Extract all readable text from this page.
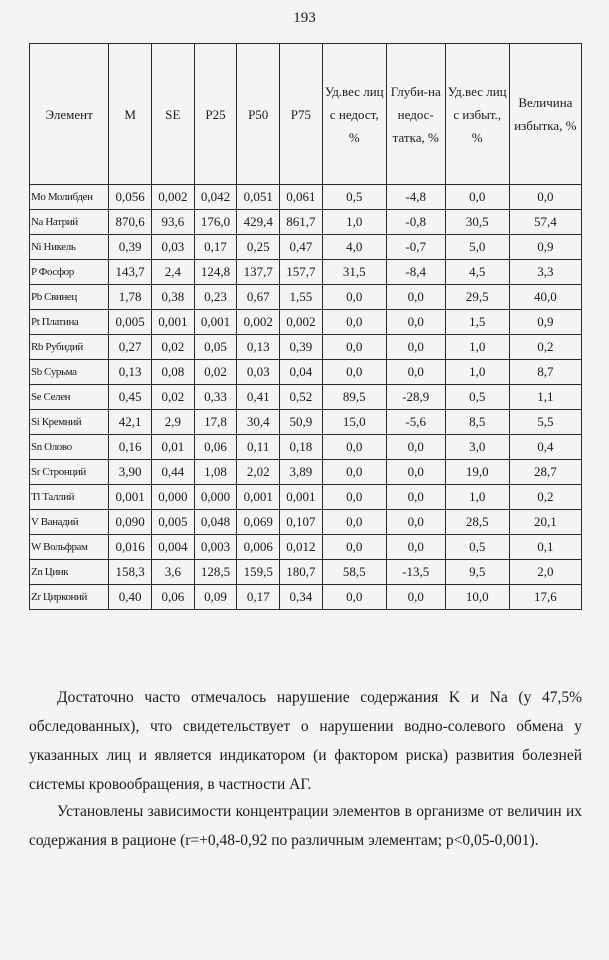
193
Элемент	M	SE	P25	P50	P75	Уд.вес лиц с недост, %	Глуби-на недос-татка, %	Уд.вес лиц с избыт., %	Величина избытка, %
Mo Молибден	0,056	0,002	0,042	0,051	0,061	0,5	-4,8	0,0	0,0
Na Натрий	870,6	93,6	176,0	429,4	861,7	1,0	-0,8	30,5	57,4
Ni Никель	0,39	0,03	0,17	0,25	0,47	4,0	-0,7	5,0	0,9
P Фосфор	143,7	2,4	124,8	137,7	157,7	31,5	-8,4	4,5	3,3
Pb Свинец	1,78	0,38	0,23	0,67	1,55	0,0	0,0	29,5	40,0
Pt Платина	0,005	0,001	0,001	0,002	0,002	0,0	0,0	1,5	0,9
Rb Рубидий	0,27	0,02	0,05	0,13	0,39	0,0	0,0	1,0	0,2
Sb Сурьма	0,13	0,08	0,02	0,03	0,04	0,0	0,0	1,0	8,7
Se Селен	0,45	0,02	0,33	0,41	0,52	89,5	-28,9	0,5	1,1
Si Кремний	42,1	2,9	17,8	30,4	50,9	15,0	-5,6	8,5	5,5
Sn Олово	0,16	0,01	0,06	0,11	0,18	0,0	0,0	3,0	0,4
Sr Стронций	3,90	0,44	1,08	2,02	3,89	0,0	0,0	19,0	28,7
Tl Таллий	0,001	0,000	0,000	0,001	0,001	0,0	0,0	1,0	0,2
V Ванадий	0,090	0,005	0,048	0,069	0,107	0,0	0,0	28,5	20,1
W Вольфрам	0,016	0,004	0,003	0,006	0,012	0,0	0,0	0,5	0,1
Zn Цинк	158,3	3,6	128,5	159,5	180,7	58,5	-13,5	9,5	2,0
Zr Цирконий	0,40	0,06	0,09	0,17	0,34	0,0	0,0	10,0	17,6

Достаточно часто отмечалось нарушение содержания K и Na (у 47,5% обследованных), что свидетельствует о нарушении водно-солевого обмена у указанных лиц и является индикатором (и фактором риска) развития болезней системы кровообращения, в частности АГ.

Установлены зависимости концентрации элементов в организме от величин их содержания в рационе (r=+0,48-0,92 по различным элементам; p<0,05-0,001).
